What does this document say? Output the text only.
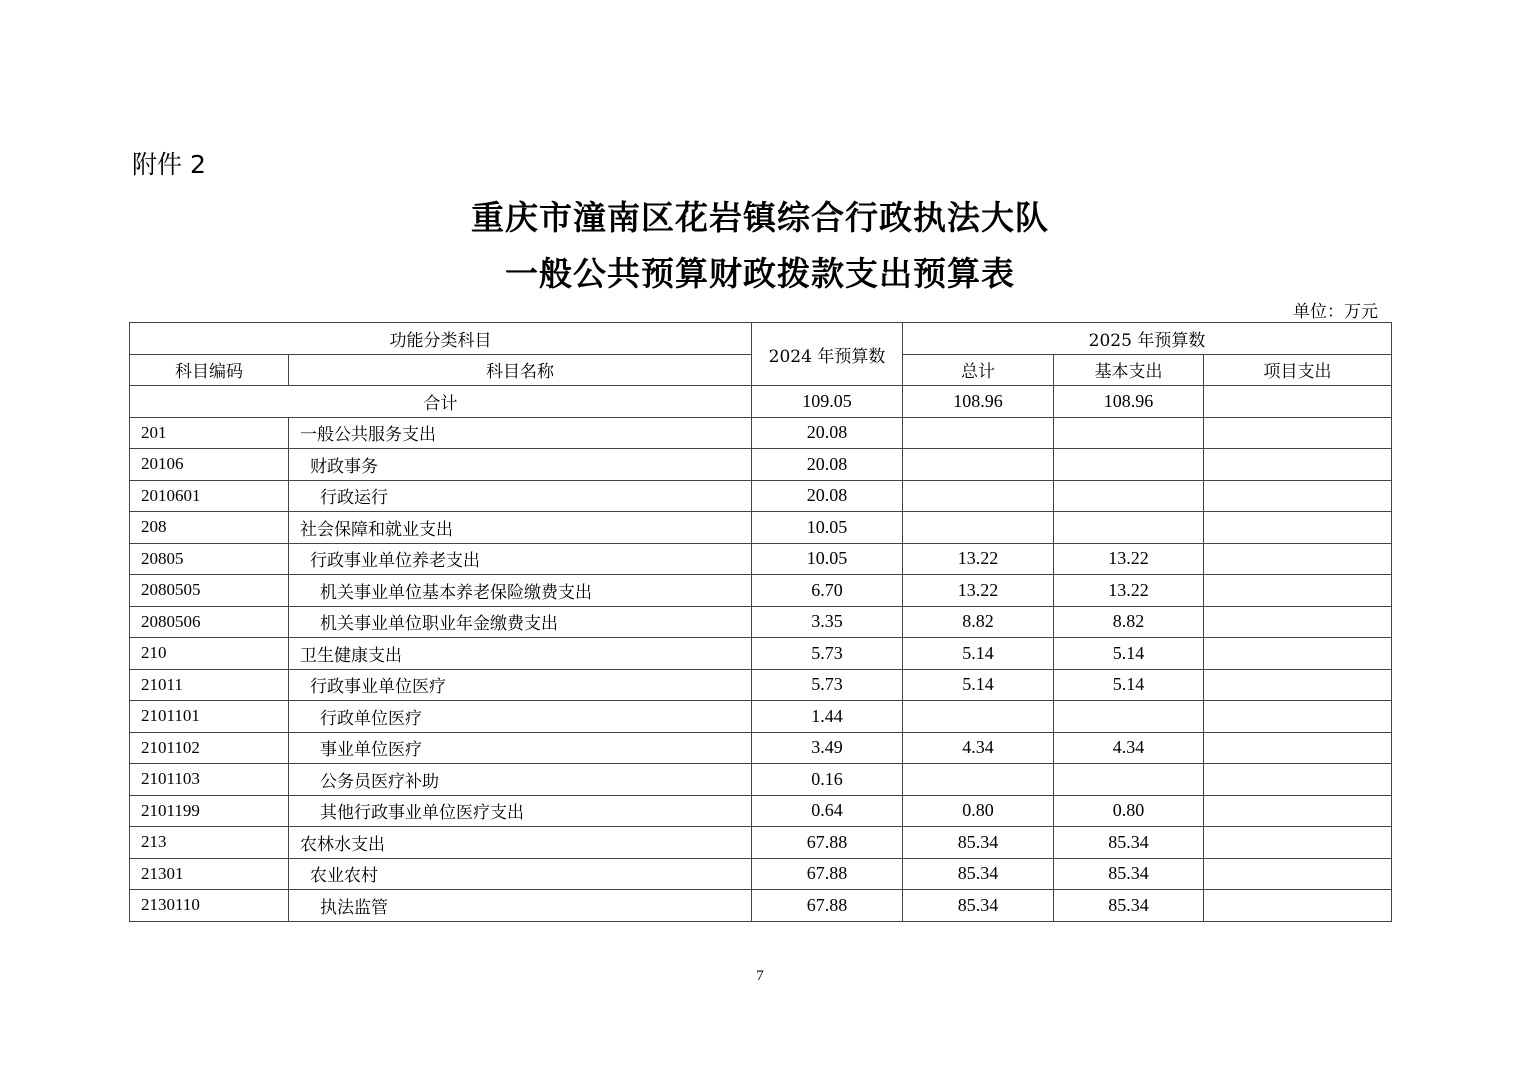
附件 2
重庆市潼南区花岩镇综合行政执法大队
一般公共预算财政拨款支出预算表
单位：万元
功能分类科目		2024 年预算数	2025 年预算数		
科目编码	科目名称		总计	基本支出	项目支出
合计		109.05	108.96	108.96	
201	一般公共服务支出	20.08			
20106	财政事务	20.08			
2010601	行政运行	20.08			
208	社会保障和就业支出	10.05			
20805	行政事业单位养老支出	10.05	13.22	13.22	
2080505	机关事业单位基本养老保险缴费支出	6.70	13.22	13.22	
2080506	机关事业单位职业年金缴费支出	3.35	8.82	8.82	
210	卫生健康支出	5.73	5.14	5.14	
21011	行政事业单位医疗	5.73	5.14	5.14	
2101101	行政单位医疗	1.44			
2101102	事业单位医疗	3.49	4.34	4.34	
2101103	公务员医疗补助	0.16			
2101199	其他行政事业单位医疗支出	0.64	0.80	0.80	
213	农林水支出	67.88	85.34	85.34	
21301	农业农村	67.88	85.34	85.34	
2130110	执法监管	67.88	85.34	85.34	
7
